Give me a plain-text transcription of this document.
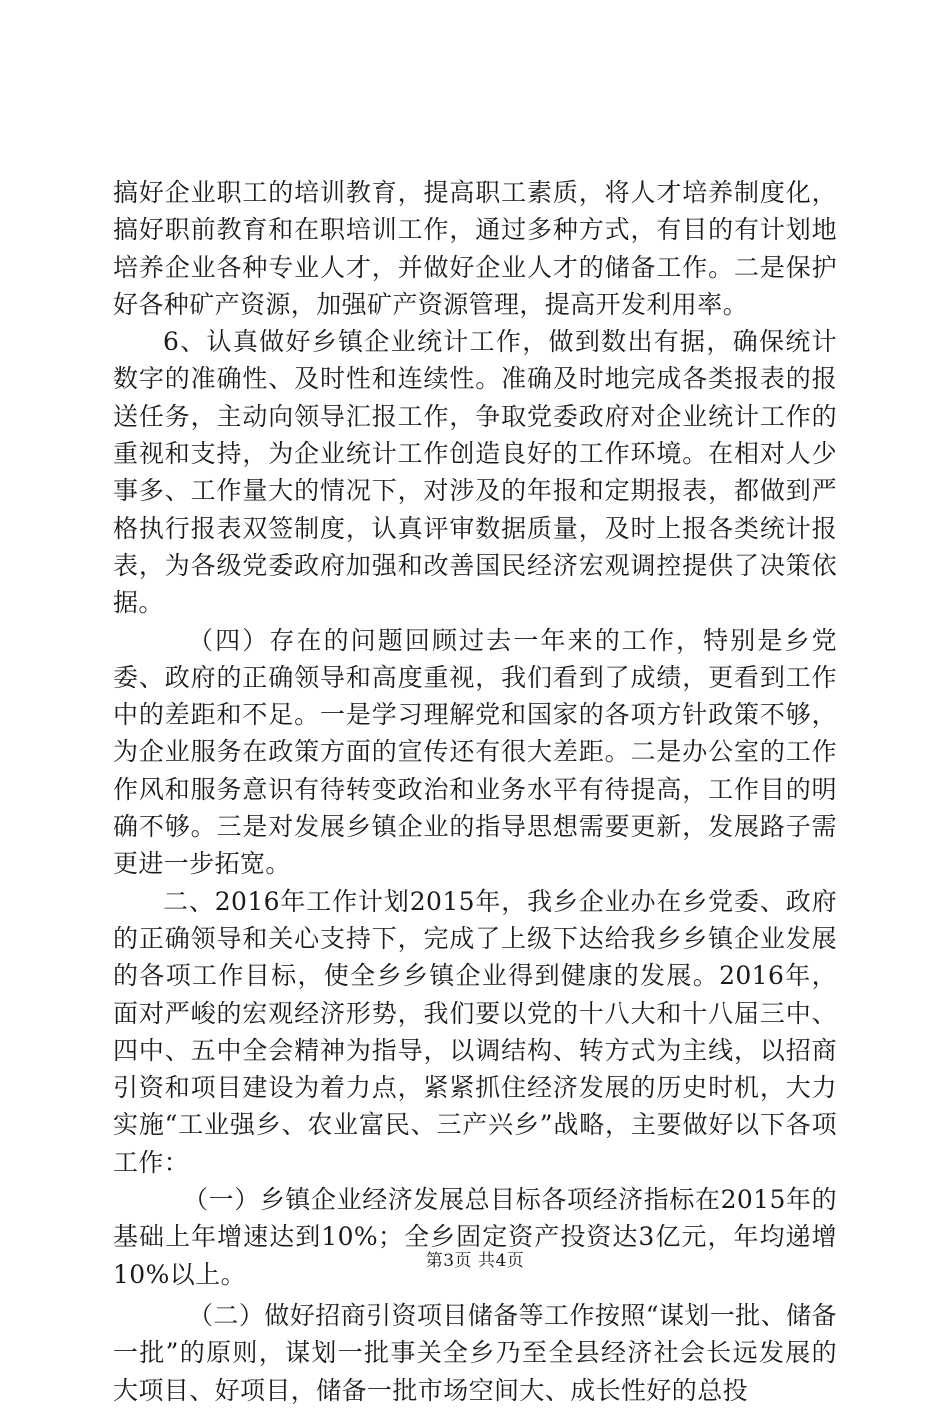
搞好企业职工的培训教育，提高职工素质，将人才培养制度化，搞好职前教育和在职培训工作，通过多种方式，有目的有计划地培养企业各种专业人才，并做好企业人才的储备工作。二是保护好各种矿产资源，加强矿产资源管理，提高开发利用率。

6、认真做好乡镇企业统计工作，做到数出有据，确保统计数字的准确性、及时性和连续性。准确及时地完成各类报表的报送任务，主动向领导汇报工作，争取党委政府对企业统计工作的重视和支持，为企业统计工作创造良好的工作环境。在相对人少事多、工作量大的情况下，对涉及的年报和定期报表，都做到严格执行报表双签制度，认真评审数据质量，及时上报各类统计报表，为各级党委政府加强和改善国民经济宏观调控提供了决策依据。

（四）存在的问题回顾过去一年来的工作，特别是乡党委、政府的正确领导和高度重视，我们看到了成绩，更看到工作中的差距和不足。一是学习理解党和国家的各项方针政策不够，为企业服务在政策方面的宣传还有很大差距。二是办公室的工作作风和服务意识有待转变政治和业务水平有待提高，工作目的明确不够。三是对发展乡镇企业的指导思想需要更新，发展路子需更进一步拓宽。

二、2016年工作计划2015年，我乡企业办在乡党委、政府的正确领导和关心支持下，完成了上级下达给我乡乡镇企业发展的各项工作目标，使全乡乡镇企业得到健康的发展。2016年，面对严峻的宏观经济形势，我们要以党的十八大和十八届三中、四中、五中全会精神为指导，以调结构、转方式为主线，以招商引资和项目建设为着力点，紧紧抓住经济发展的历史时机，大力实施“工业强乡、农业富民、三产兴乡”战略，主要做好以下各项工作：

（一）乡镇企业经济发展总目标各项经济指标在2015年的基础上年增速达到10%；全乡固定资产投资达3亿元，年均递增10%以上。

（二）做好招商引资项目储备等工作按照“谋划一批、储备一批”的原则，谋划一批事关全乡乃至全县经济社会长远发展的大项目、好项目，储备一批市场空间大、成长性好的总投

第3页 共4页
